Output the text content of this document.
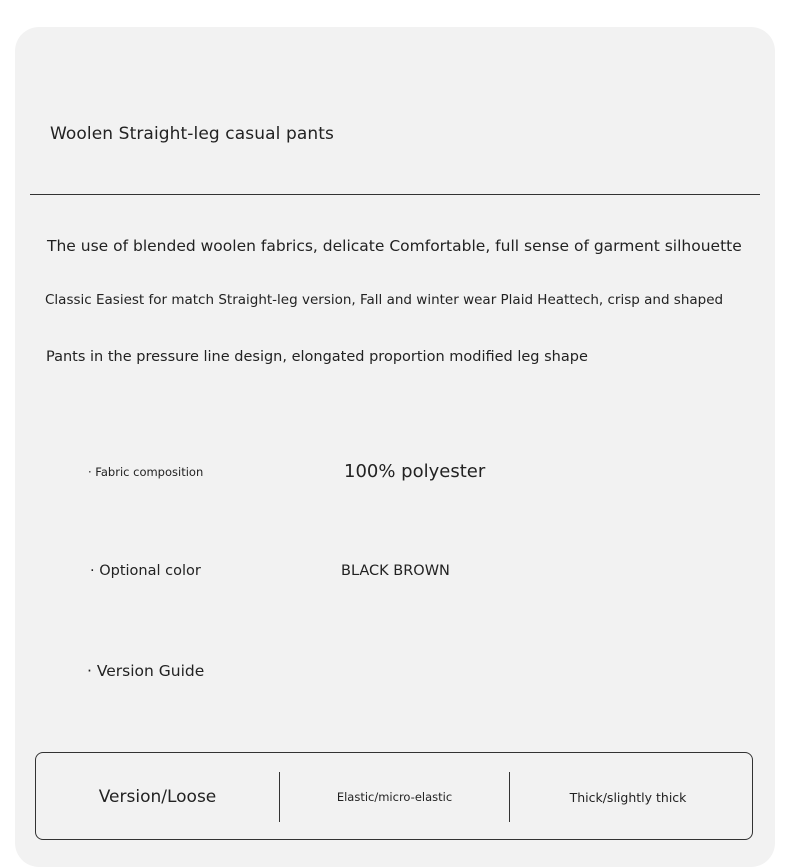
Woolen Straight-leg casual pants
The use of blended woolen fabrics, delicate Comfortable, full sense of garment silhouette
Classic Easiest for match Straight-leg version, Fall and winter wear Plaid Heattech, crisp and shaped
Pants in the pressure line design, elongated proportion modified leg shape
· Fabric composition	100% polyester
· Optional color	BLACK BROWN
· Version Guide
Version/Loose	Elastic/micro-elastic	Thick/slightly thick
